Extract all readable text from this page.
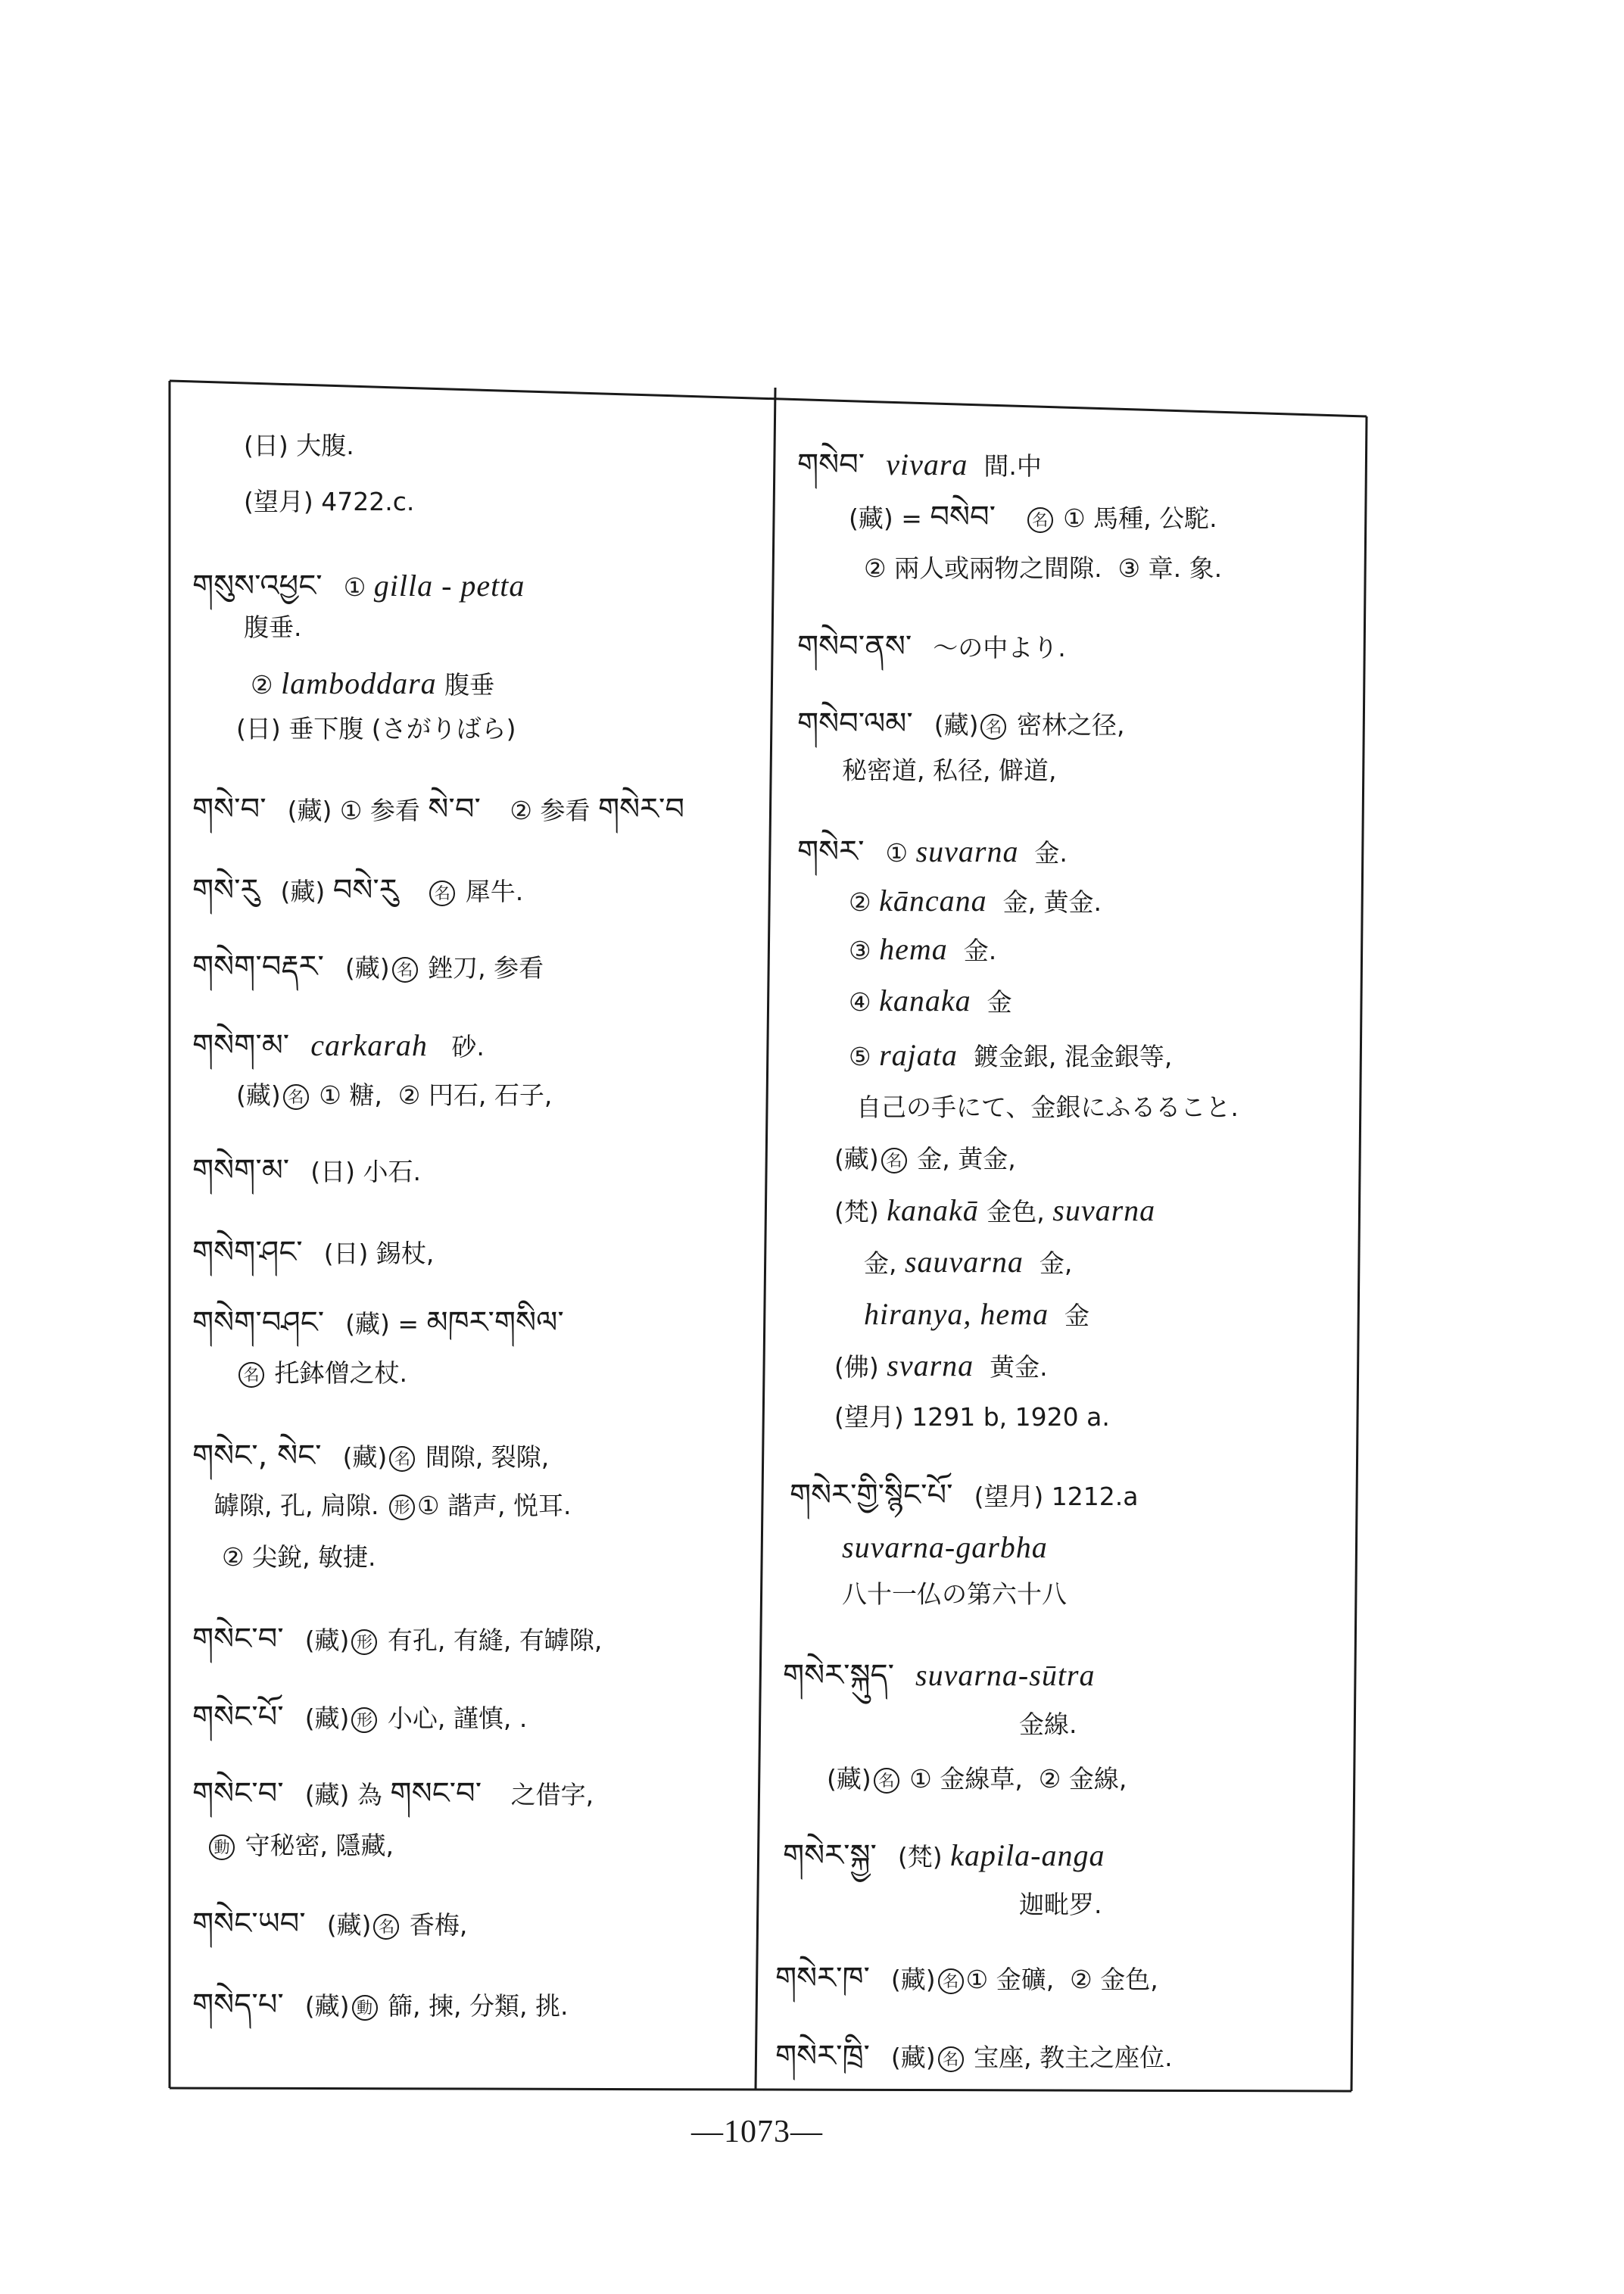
(日) 大腹.
(望月) 4722.c.
གསུས་འཕྱང་ ① gilla - petta
腹垂.
② lamboddara 腹垂
(日) 垂下腹 (さがりばら)
གསེ་བ་ (藏) ① 参看 སེ་བ་ ② 参看 གསེར་བ
གསེ་རུ (藏) བསེ་རུ 名 犀牛.
གསེག་བརྡར་ (藏) 名 銼刀, 参看
གསེག་མ་ carkarah   砂.
(藏) 名 ① 糖,  ② 円石, 石子,
གསེག་མ་ (日) 小石.
གསེག་ཤང་ (日) 錫杖,
གསེག་བཤང་ (藏) = མཁར་གསིལ་
名 托鉢僧之杖.
གསེང་, སེང་ (藏) 名 間隙, 裂隙,
罅隙, 孔, 扃隙. 形 ① 諧声, 悦耳.
② 尖銳, 敏捷.
གསེང་བ་ (藏) 形 有孔, 有縫, 有罅隙,
གསེང་པོ་ (藏) 形 小心, 謹慎, .
གསེང་བ་ (藏) 為 གསང་བ་ 之借字,
動 守秘密, 隱藏,
གསེང་ཡབ་ (藏) 名 香梅,
གསེད་པ་ (藏) 動 篩, 揀, 分類, 挑.
གསེབ་ vivara  間.中
(藏) = བསེབ་ 名 ① 馬種, 公駝.
② 兩人或兩物之間隙.  ③ 章. 象.
གསེབ་ནས་ ～の中より.
གསེབ་ལམ་ (藏) 名 密林之径,
秘密道, 私径, 僻道,
གསེར་ ① suvarna  金.
② kāncana  金, 黄金.
③ hema  金.
④ kanaka  金
⑤ rajata  鍍金銀, 混金銀等,
自己の手にて、金銀にふるること.
(藏) 名 金, 黄金,
(梵) kanakā 金色, suvarna
金, sauvarna  金,
hiranya, hema  金
(佛) svarna  黄金.
(望月) 1291 b, 1920 a.
གསེར་གྱི་སྙིང་པོ་ (望月) 1212.a
suvarna-garbha
八十一仏の第六十八
གསེར་སྐུད་ suvarna-sūtra
金線.
(藏) 名 ① 金線草,  ② 金線,
གསེར་སྐྱ་ (梵) kapila-anga
迦毗罗.
གསེར་ཁ་ (藏) 名 ① 金礦,  ② 金色,
གསེར་ཁྲི་ (藏) 名 宝座, 教主之座位.
—1073—
